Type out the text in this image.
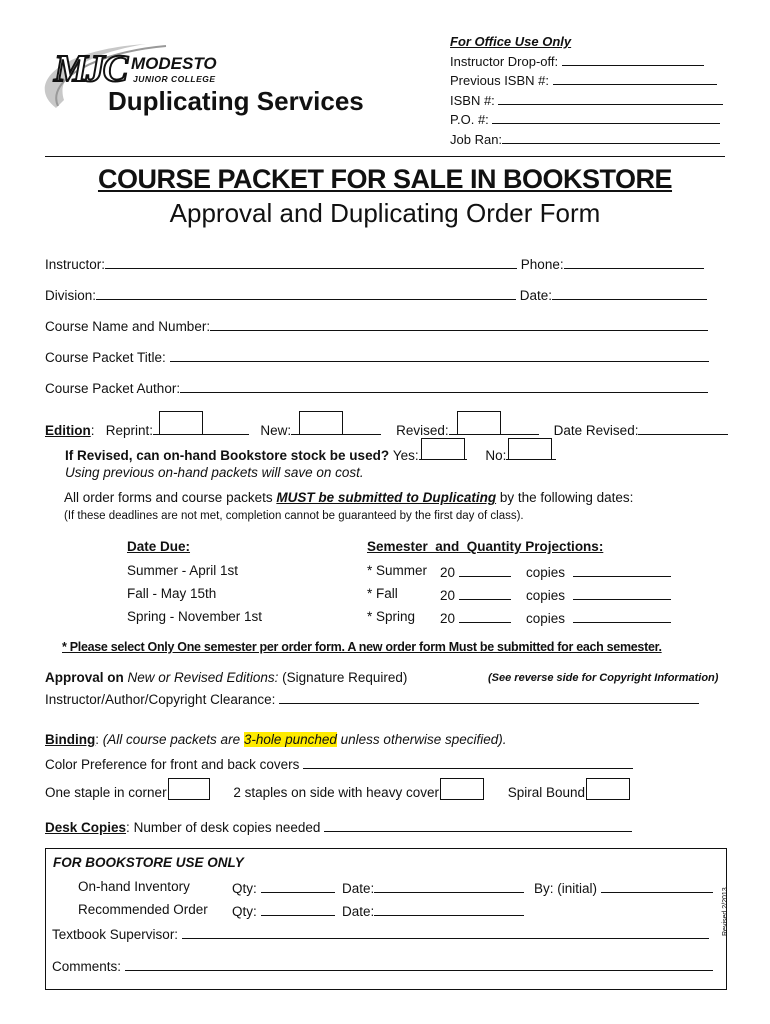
MJC MODESTO
JUNIOR COLLEGE
Duplicating Services
For Office Use Only
Instructor Drop-off:
Previous ISBN #:
ISBN #:
P.O. #:
Job Ran:
COURSE PACKET FOR SALE IN BOOKSTORE
Approval and Duplicating Order Form
Instructor:	Phone:
Division:	Date:
Course Name and Number:
Course Packet Title:
Course Packet Author:
Edition: Reprint:	New:	Revised:	Date Revised:
If Revised, can on-hand Bookstore stock be used? Yes:	No:
Using previous on-hand packets will save on cost.
All order forms and course packets MUST be submitted to Duplicating by the following dates:
(If these deadlines are not met, completion cannot be guaranteed by the first day of class).
Date Due:	Semester  and  Quantity Projections:
Summer - April 1st	* Summer 20	copies
Fall - May 15th	* Fall	20	copies
Spring - November 1st	* Spring 20	copies
* Please select Only One semester per order form. A new order form Must be submitted for each semester.
Approval on New or Revised Editions: (Signature Required)	(See reverse side for Copyright Information)
Instructor/Author/Copyright Clearance:
Binding: (All course packets are 3-hole punched unless otherwise specified).
Color Preference for front and back covers
One staple in corner	2 staples on side with heavy cover	Spiral Bound
Desk Copies: Number of desk copies needed
FOR BOOKSTORE USE ONLY
On-hand Inventory	Qty:	Date:	By: (initial)
Recommended Order Qty:	Date:
Textbook Supervisor:
Comments:
Revised 2/2013
